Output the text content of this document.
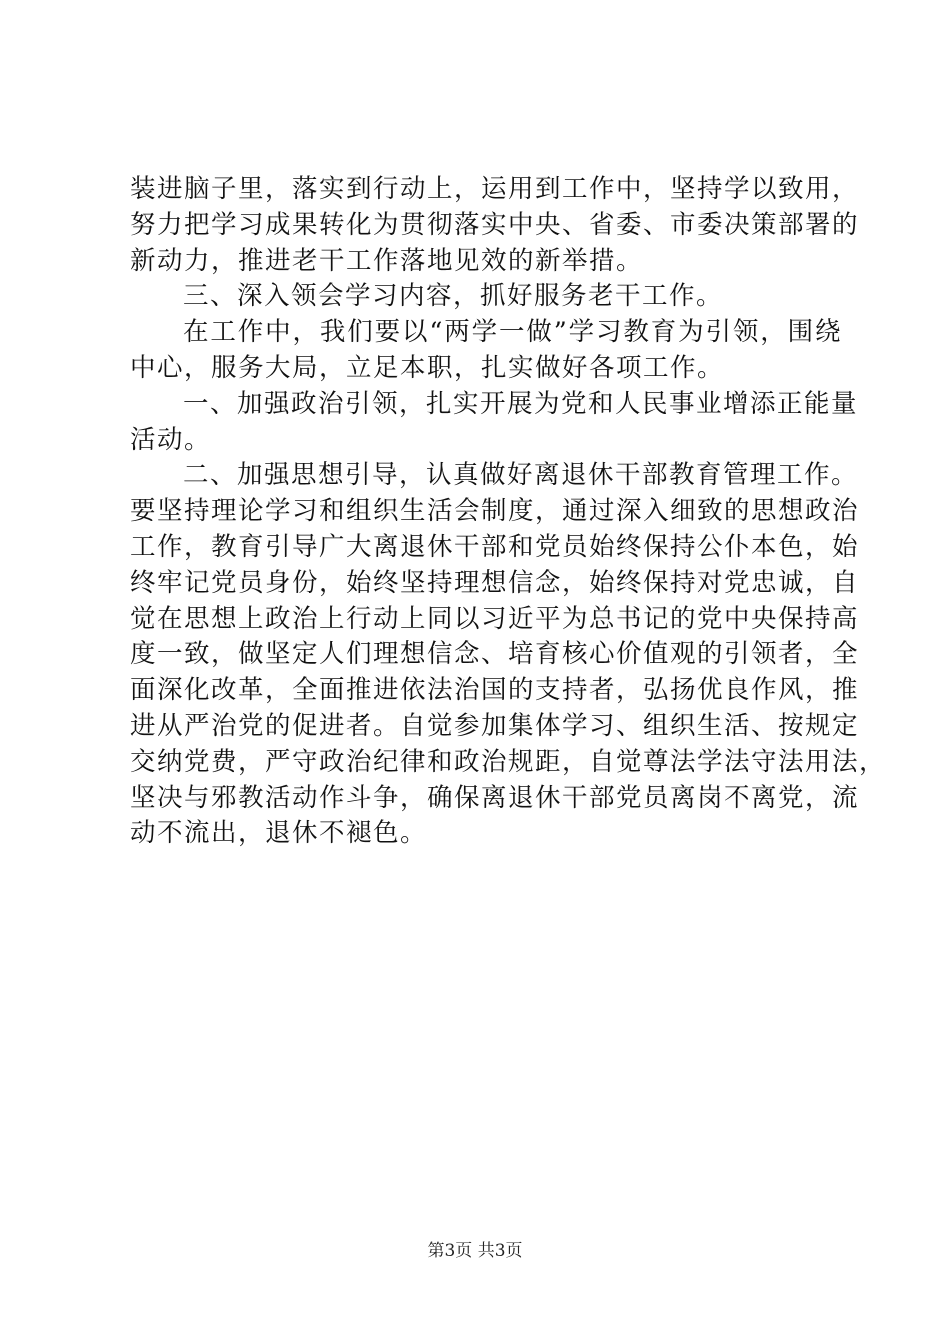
装进脑子里，落实到行动上，运用到工作中，坚持学以致用，
努力把学习成果转化为贯彻落实中央、省委、市委决策部署的
新动力，推进老干工作落地见效的新举措。
三、深入领会学习内容，抓好服务老干工作。
在工作中，我们要以“两学一做”学习教育为引领，围绕
中心，服务大局，立足本职，扎实做好各项工作。
一、加强政治引领，扎实开展为党和人民事业增添正能量
活动。
二、加强思想引导，认真做好离退休干部教育管理工作。
要坚持理论学习和组织生活会制度，通过深入细致的思想政治
工作，教育引导广大离退休干部和党员始终保持公仆本色，始
终牢记党员身份，始终坚持理想信念，始终保持对党忠诚，自
觉在思想上政治上行动上同以习近平为总书记的党中央保持高
度一致，做坚定人们理想信念、培育核心价值观的引领者，全
面深化改革，全面推进依法治国的支持者，弘扬优良作风，推
进从严治党的促进者。自觉参加集体学习、组织生活、按规定
交纳党费，严守政治纪律和政治规距，自觉尊法学法守法用法，
坚决与邪教活动作斗争，确保离退休干部党员离岗不离党，流
动不流出，退休不褪色。
第3页 共3页
